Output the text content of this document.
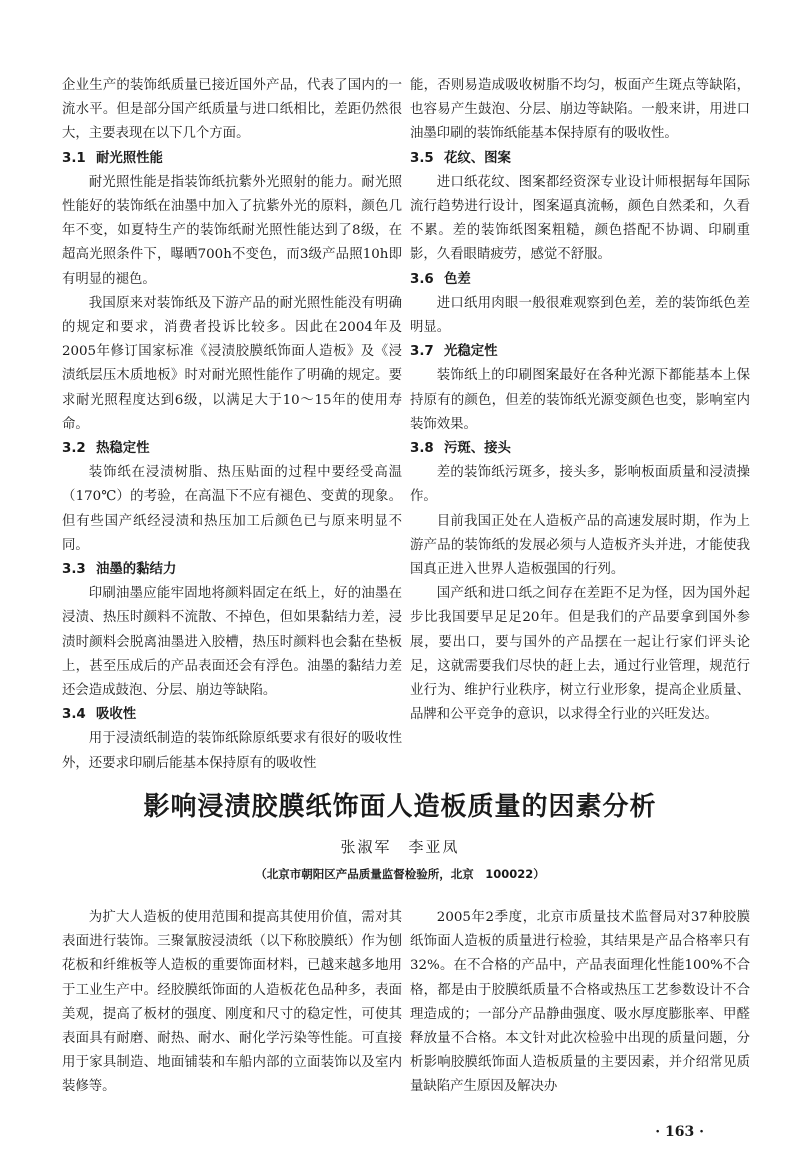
企业生产的装饰纸质量已接近国外产品，代表了国内的一流水平。但是部分国产纸质量与进口纸相比，差距仍然很大，主要表现在以下几个方面。

3.1 耐光照性能

耐光照性能是指装饰纸抗紫外光照射的能力。耐光照性能好的装饰纸在油墨中加入了抗紫外光的原料，颜色几年不变，如夏特生产的装饰纸耐光照性能达到了8级，在超高光照条件下，曝晒700h不变色，而3级产品照10h即有明显的褪色。

我国原来对装饰纸及下游产品的耐光照性能没有明确的规定和要求，消费者投诉比较多。因此在2004年及2005年修订国家标准《浸渍胶膜纸饰面人造板》及《浸渍纸层压木质地板》时对耐光照性能作了明确的规定。要求耐光照程度达到6级，以满足大于10～15年的使用寿命。

3.2 热稳定性

装饰纸在浸渍树脂、热压贴面的过程中要经受高温（170℃）的考验，在高温下不应有褪色、变黄的现象。但有些国产纸经浸渍和热压加工后颜色已与原来明显不同。

3.3 油墨的黏结力

印刷油墨应能牢固地将颜料固定在纸上，好的油墨在浸渍、热压时颜料不流散、不掉色，但如果黏结力差，浸渍时颜料会脱离油墨进入胶槽，热压时颜料也会黏在垫板上，甚至压成后的产品表面还会有浮色。油墨的黏结力差还会造成鼓泡、分层、崩边等缺陷。

3.4 吸收性

用于浸渍纸制造的装饰纸除原纸要求有很好的吸收性外，还要求印刷后能基本保持原有的吸收性

能，否则易造成吸收树脂不均匀，板面产生斑点等缺陷，也容易产生鼓泡、分层、崩边等缺陷。一般来讲，用进口油墨印刷的装饰纸能基本保持原有的吸收性。

3.5 花纹、图案

进口纸花纹、图案都经资深专业设计师根据每年国际流行趋势进行设计，图案逼真流畅，颜色自然柔和，久看不累。差的装饰纸图案粗糙，颜色搭配不协调、印刷重影，久看眼睛疲劳，感觉不舒服。

3.6 色差

进口纸用肉眼一般很难观察到色差，差的装饰纸色差明显。

3.7 光稳定性

装饰纸上的印刷图案最好在各种光源下都能基本上保持原有的颜色，但差的装饰纸光源变颜色也变，影响室内装饰效果。

3.8 污斑、接头

差的装饰纸污斑多，接头多，影响板面质量和浸渍操作。

目前我国正处在人造板产品的高速发展时期，作为上游产品的装饰纸的发展必须与人造板齐头并进，才能使我国真正进入世界人造板强国的行列。

国产纸和进口纸之间存在差距不足为怪，因为国外起步比我国要早足足20年。但是我们的产品要拿到国外参展，要出口，要与国外的产品摆在一起让行家们评头论足，这就需要我们尽快的赶上去，通过行业管理，规范行业行为、维护行业秩序，树立行业形象，提高企业质量、品牌和公平竞争的意识，以求得全行业的兴旺发达。

影响浸渍胶膜纸饰面人造板质量的因素分析
张淑军　李亚凤
（北京市朝阳区产品质量监督检验所，北京　100022）

为扩大人造板的使用范围和提高其使用价值，需对其表面进行装饰。三聚氰胺浸渍纸（以下称胶膜纸）作为刨花板和纤维板等人造板的重要饰面材料，已越来越多地用于工业生产中。经胶膜纸饰面的人造板花色品种多，表面美观，提高了板材的强度、刚度和尺寸的稳定性，可使其表面具有耐磨、耐热、耐水、耐化学污染等性能。可直接用于家具制造、地面铺装和车船内部的立面装饰以及室内装修等。

2005年2季度，北京市质量技术监督局对37种胶膜纸饰面人造板的质量进行检验，其结果是产品合格率只有32%。在不合格的产品中，产品表面理化性能100%不合格，都是由于胶膜纸质量不合格或热压工艺参数设计不合理造成的；一部分产品静曲强度、吸水厚度膨胀率、甲醛释放量不合格。本文针对此次检验中出现的质量问题，分析影响胶膜纸饰面人造板质量的主要因素，并介绍常见质量缺陷产生原因及解决办

· 163 ·
